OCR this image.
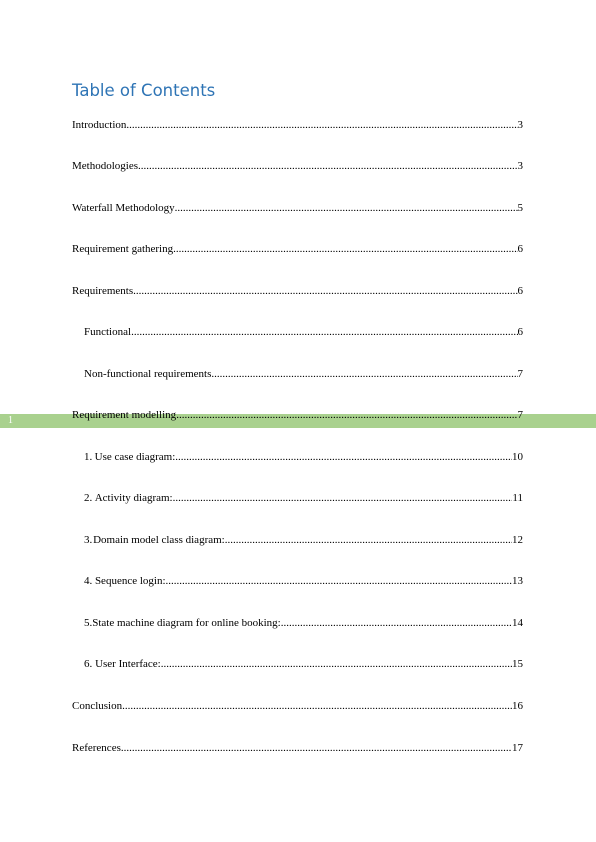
Table of Contents
1
Introduction .....	3
Methodologies .....	3
Waterfall Methodology .....	5
Requirement gathering .....	6
Requirements .....	6
Functional .....	6
Non-functional requirements .....	7
Requirement modelling .....	7
1. Use case diagram: .....	10
2. Activity diagram: .....	11
3. Domain model class diagram: .....	12
4. Sequence login: .....	13
5. State machine diagram for online booking: .....	14
6. User Interface: .....	15
Conclusion .....	16
References .....	17
